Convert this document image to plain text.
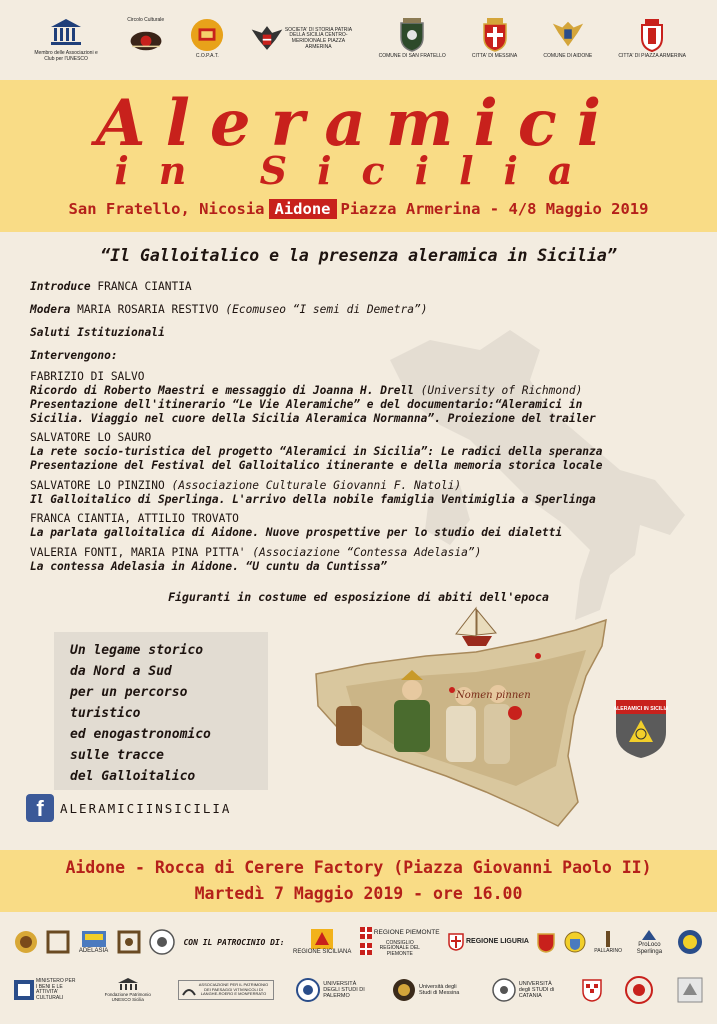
Membro delle Associazioni e Club per l'UNESCO
Circolo Culturale
C.O.P.A.T.
SOCIETA' DI STORIA PATRIA DELLA SICILIA CENTRO-MERIDIONALE PIAZZA ARMERINA
COMUNE DI SAN FRATELLO	CITTA' DI MESSINA	COMUNE DI AIDONE	CITTA' DI PIAZZA ARMERINA
Aleramici
in Sicilia
San Fratello, Nicosia Aidone Piazza Armerina - 4/8 Maggio 2019
“Il Galloitalico e la presenza aleramica in Sicilia”
Introduce FRANCA CIANTIA
Modera MARIA ROSARIA RESTIVO (Ecomuseo “I semi di Demetra”)
Saluti Istituzionali
Intervengono:
FABRIZIO DI SALVO
Ricordo di Roberto Maestri e messaggio di Joanna H. Drell (University of Richmond)
Presentazione dell'itinerario “Le Vie Aleramiche” e del documentario:“Aleramici in
Sicilia. Viaggio nel cuore della Sicilia Aleramica Normanna”. Proiezione del trailer
SALVATORE LO SAURO
La rete socio-turistica del progetto “Aleramici in Sicilia”: Le radici della speranza
Presentazione del Festival del Galloitalico itinerante e della memoria storica locale
SALVATORE LO PINZINO (Associazione Culturale Giovanni F. Natoli)
Il Galloitalico di Sperlinga. L'arrivo della nobile famiglia Ventimiglia a Sperlinga
FRANCA CIANTIA, ATTILIO TROVATO
La parlata galloitalica di Aidone. Nuove prospettive per lo studio dei dialetti
VALERIA FONTI, MARIA PINA PITTA' (Associazione “Contessa Adelasia”)
La contessa Adelasia in Aidone. “U cuntu da Cuntissa”
Figuranti in costume ed esposizione di abiti dell'epoca
Un legame storico
da Nord a Sud
per un percorso
turistico
ed enogastronomico
sulle tracce
del Galloitalico
f	ALERAMICIINSICILIA
Nomen pinnen
ALERAMICI IN SICILIA
Aidone - Rocca di Cerere Factory (Piazza Giovanni Paolo II)
Martedì 7 Maggio 2019 - ore 16.00
ADELASIA
CON IL PATROCINIO DI:
REGIONE SICILIANA
REGIONE PIEMONTE
CONSIGLIO REGIONALE DEL PIEMONTE
REGIONE LIGURIA
PALLARINO
ProLoco Sperlinga
MINISTERO PER I BENI E LE ATTIVITA' CULTURALI	Fondazione Patrimonio UNESCO Sicilia
ASSOCIAZIONE PER IL PATRIMONIO DEI PAESAGGI VITIVINICOLI DI LANGHE-ROERO E MONFERRATO
UNIVERSITÀ DEGLI STUDI DI PALERMO
Università degli Studi di Messina
UNIVERSITÀ degli STUDI di CATANIA
